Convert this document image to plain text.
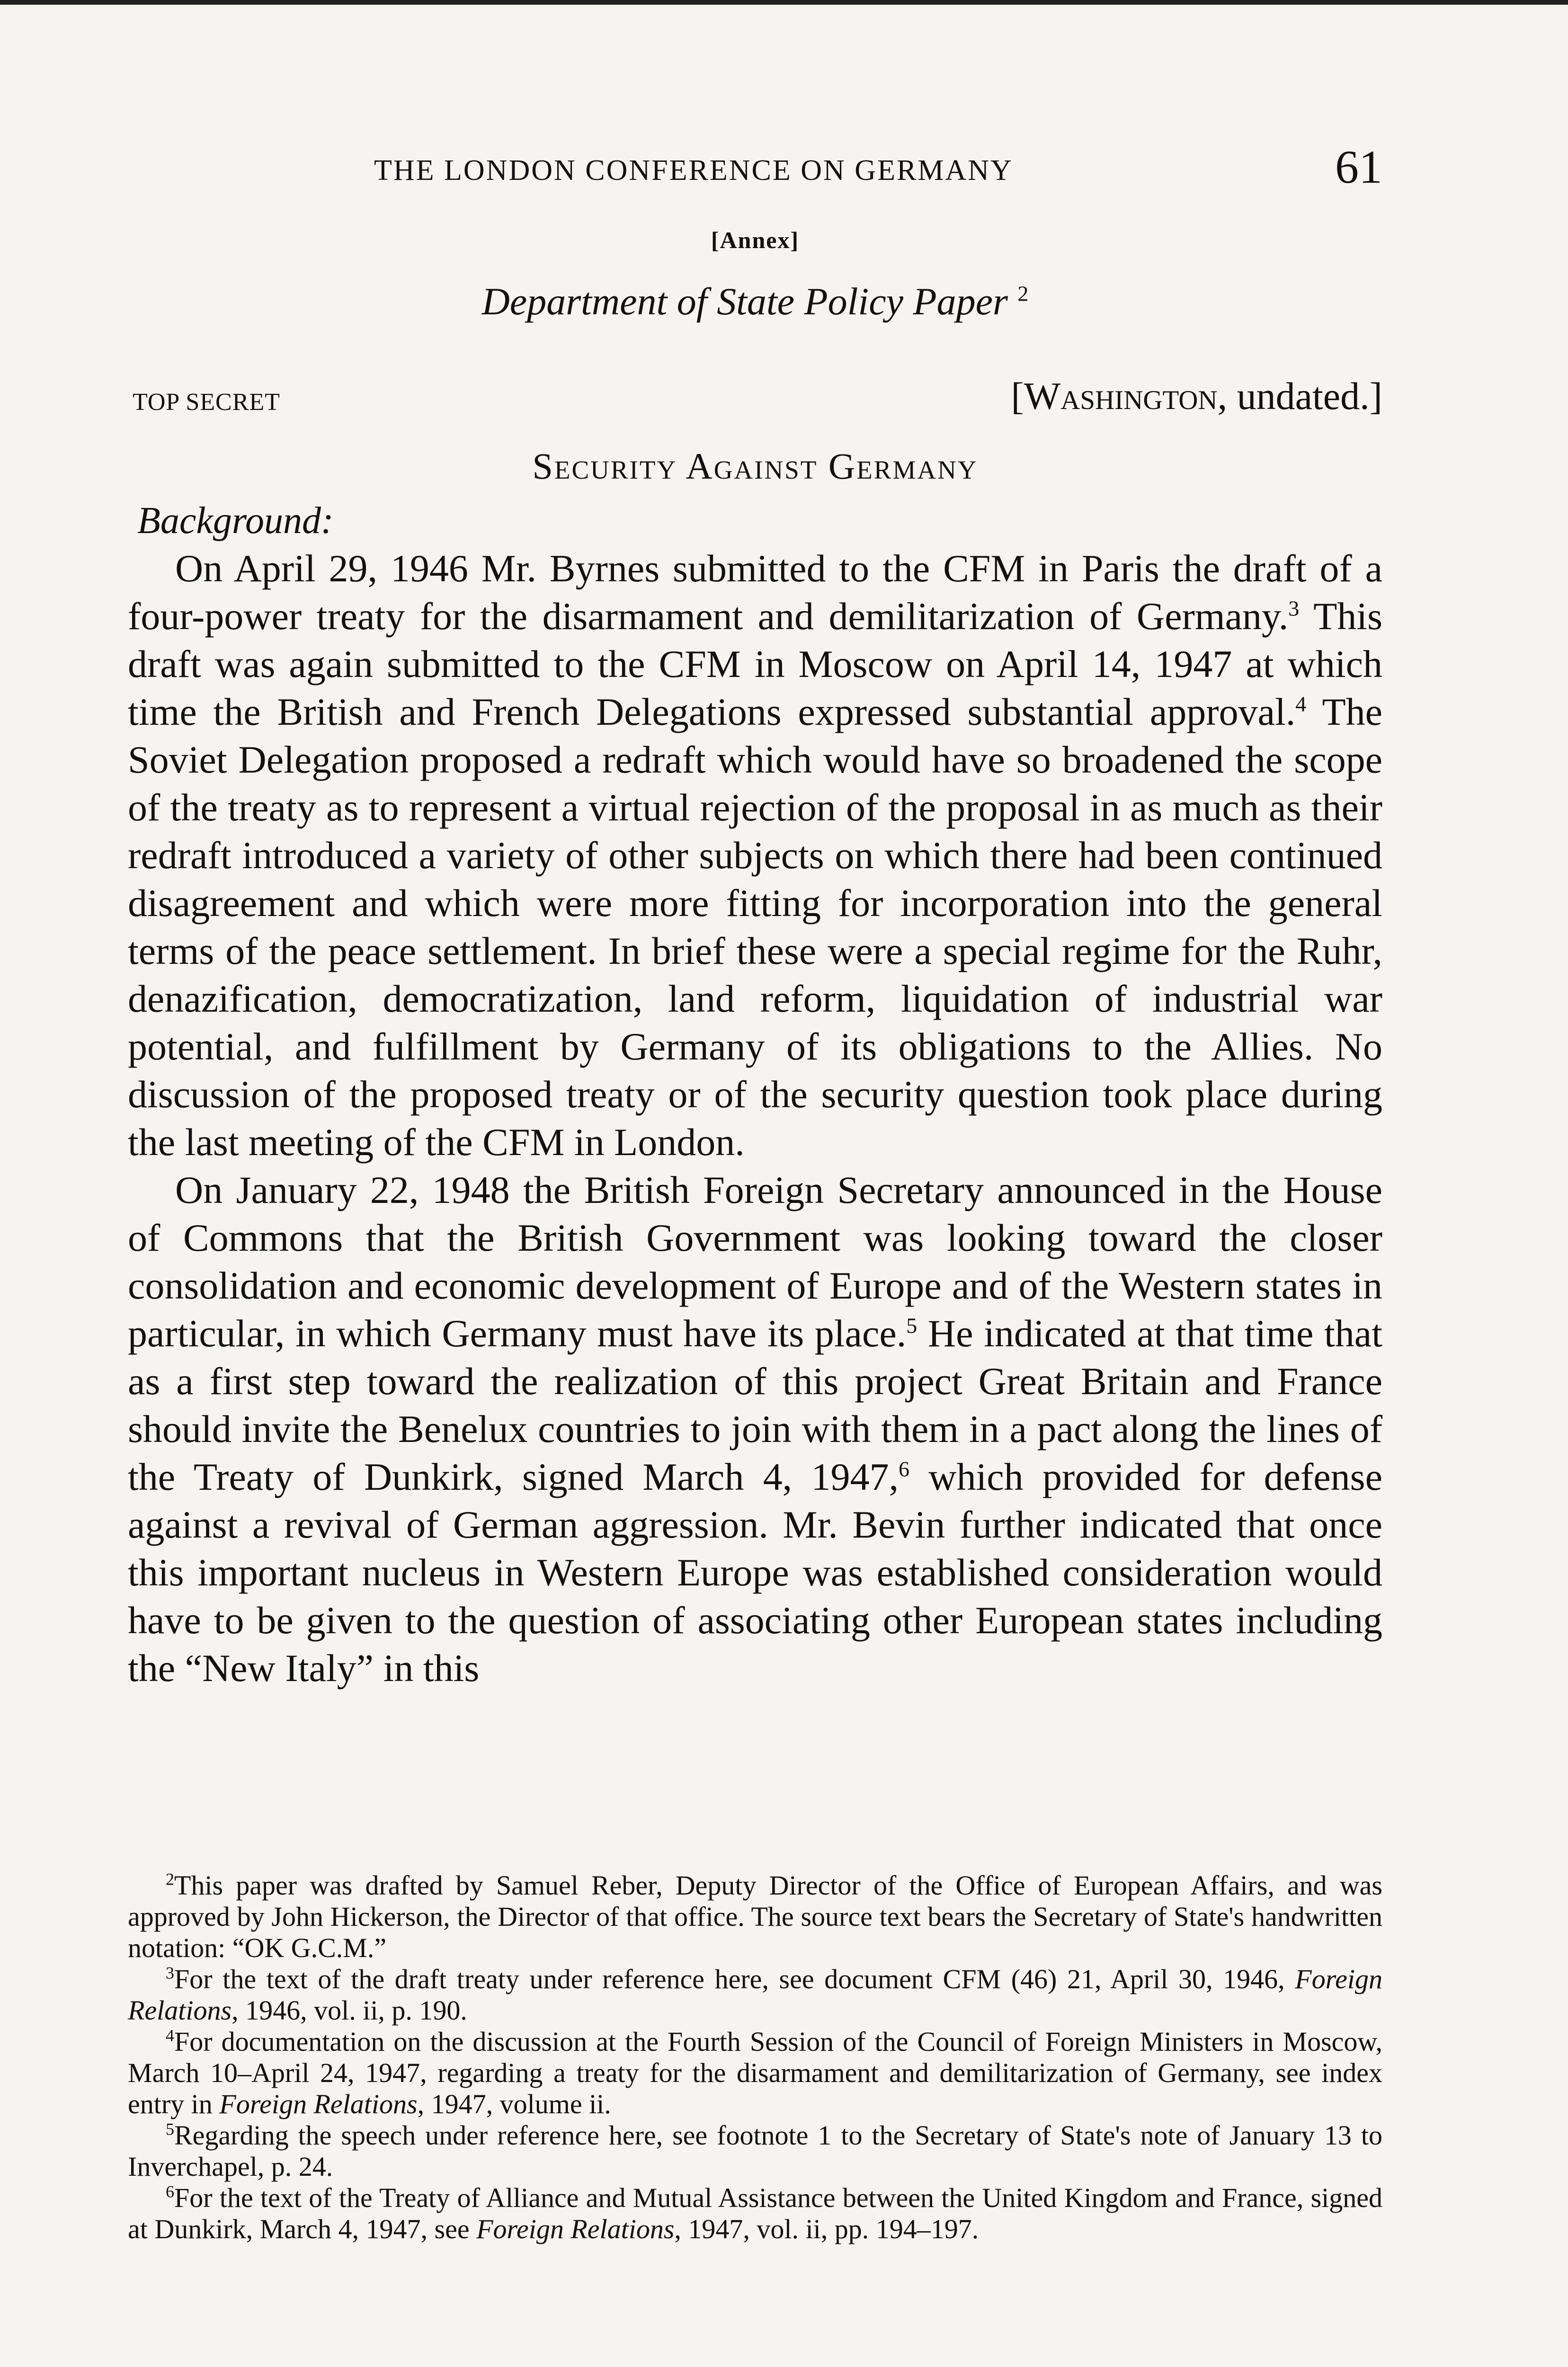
THE LONDON CONFERENCE ON GERMANY	61
[Annex]
Department of State Policy Paper $^2$
TOP SECRET	[Washington, undated.]
Security Against Germany
Background:

On April 29, 1946 Mr. Byrnes submitted to the CFM in Paris the draft of a four-power treaty for the disarmament and demilitarization of Germany.$^3$ This draft was again submitted to the CFM in Moscow on April 14, 1947 at which time the British and French Delegations expressed substantial approval.$^4$ The Soviet Delegation proposed a redraft which would have so broadened the scope of the treaty as to represent a virtual rejection of the proposal in as much as their redraft introduced a variety of other subjects on which there had been continued disagreement and which were more fitting for incorporation into the general terms of the peace settlement. In brief these were a special regime for the Ruhr, denazification, democratization, land reform, liquidation of industrial war potential, and fulfillment by Germany of its obligations to the Allies. No discussion of the proposed treaty or of the security question took place during the last meeting of the CFM in London.

On January 22, 1948 the British Foreign Secretary announced in the House of Commons that the British Government was looking toward the closer consolidation and economic development of Europe and of the Western states in particular, in which Germany must have its place.$^5$ He indicated at that time that as a first step toward the realization of this project Great Britain and France should invite the Benelux countries to join with them in a pact along the lines of the Treaty of Dunkirk, signed March 4, 1947,$^6$ which provided for defense against a revival of German aggression. Mr. Bevin further indicated that once this important nucleus in Western Europe was established consideration would have to be given to the question of associating other European states including the “New Italy” in this

$^2$This paper was drafted by Samuel Reber, Deputy Director of the Office of European Affairs, and was approved by John Hickerson, the Director of that office. The source text bears the Secretary of State's handwritten notation: “OK G.C.M.”

$^3$For the text of the draft treaty under reference here, see document CFM (46) 21, April 30, 1946, Foreign Relations, 1946, vol. ii, p. 190.

$^4$For documentation on the discussion at the Fourth Session of the Council of Foreign Ministers in Moscow, March 10–April 24, 1947, regarding a treaty for the disarmament and demilitarization of Germany, see index entry in Foreign Relations, 1947, volume ii.

$^5$Regarding the speech under reference here, see footnote 1 to the Secretary of State's note of January 13 to Inverchapel, p. 24.

$^6$For the text of the Treaty of Alliance and Mutual Assistance between the United Kingdom and France, signed at Dunkirk, March 4, 1947, see Foreign Relations, 1947, vol. ii, pp. 194–197.
